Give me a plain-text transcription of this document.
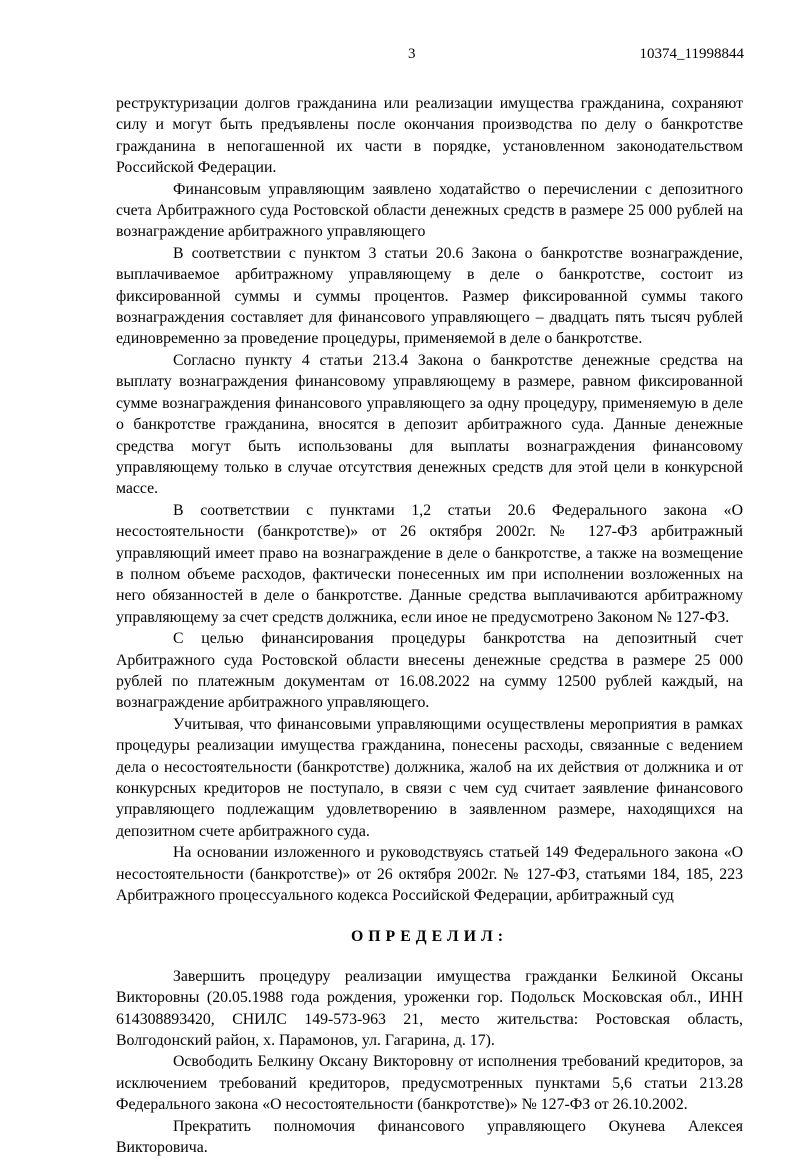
3	10374_11998844

реструктуризации долгов гражданина или реализации имущества гражданина, сохраняют силу и могут быть предъявлены после окончания производства по делу о банкротстве гражданина в непогашенной их части в порядке, установленном законодательством Российской Федерации.

Финансовым управляющим заявлено ходатайство о перечислении с депозитного счета Арбитражного суда Ростовской области денежных средств в размере 25 000 рублей на вознаграждение арбитражного управляющего

В соответствии с пунктом 3 статьи 20.6 Закона о банкротстве вознаграждение, выплачиваемое арбитражному управляющему в деле о банкротстве, состоит из фиксированной суммы и суммы процентов. Размер фиксированной суммы такого вознаграждения составляет для финансового управляющего – двадцать пять тысяч рублей единовременно за проведение процедуры, применяемой в деле о банкротстве.

Согласно пункту 4 статьи 213.4 Закона о банкротстве денежные средства на выплату вознаграждения финансовому управляющему в размере, равном фиксированной сумме вознаграждения финансового управляющего за одну процедуру, применяемую в деле о банкротстве гражданина, вносятся в депозит арбитражного суда. Данные денежные средства могут быть использованы для выплаты вознаграждения финансовому управляющему только в случае отсутствия денежных средств для этой цели в конкурсной массе.

В соответствии с пунктами 1,2 статьи 20.6 Федерального закона «О несостоятельности (банкротстве)» от 26 октября 2002г. № 127-ФЗ арбитражный управляющий имеет право на вознаграждение в деле о банкротстве, а также на возмещение в полном объеме расходов, фактически понесенных им при исполнении возложенных на него обязанностей в деле о банкротстве. Данные средства выплачиваются арбитражному управляющему за счет средств должника, если иное не предусмотрено Законом № 127-ФЗ.

С целью финансирования процедуры банкротства на депозитный счет Арбитражного суда Ростовской области внесены денежные средства в размере 25 000 рублей по платежным документам от 16.08.2022 на сумму 12500 рублей каждый, на вознаграждение арбитражного управляющего.

Учитывая, что финансовыми управляющими осуществлены мероприятия в рамках процедуры реализации имущества гражданина, понесены расходы, связанные с ведением дела о несостоятельности (банкротстве) должника, жалоб на их действия от должника и от конкурсных кредиторов не поступало, в связи с чем суд считает заявление финансового управляющего подлежащим удовлетворению в заявленном размере, находящихся на депозитном счете арбитражного суда.

На основании изложенного и руководствуясь статьей 149 Федерального закона «О несостоятельности (банкротстве)» от 26 октября 2002г. № 127-ФЗ, статьями 184, 185, 223 Арбитражного процессуального кодекса Российской Федерации, арбитражный суд

ОПРЕДЕЛИЛ:

Завершить процедуру реализации имущества гражданки Белкиной Оксаны Викторовны (20.05.1988 года рождения, уроженки гор. Подольск Московская обл., ИНН 614308893420, СНИЛС 149-573-963 21, место жительства: Ростовская область, Волгодонский район, х. Парамонов, ул. Гагарина, д. 17).

Освободить Белкину Оксану Викторовну от исполнения требований кредиторов, за исключением требований кредиторов, предусмотренных пунктами 5,6 статьи 213.28 Федерального закона «О несостоятельности (банкротстве)» № 127-ФЗ от 26.10.2002.

Прекратить полномочия финансового управляющего Окунева Алексея Викторовича.
